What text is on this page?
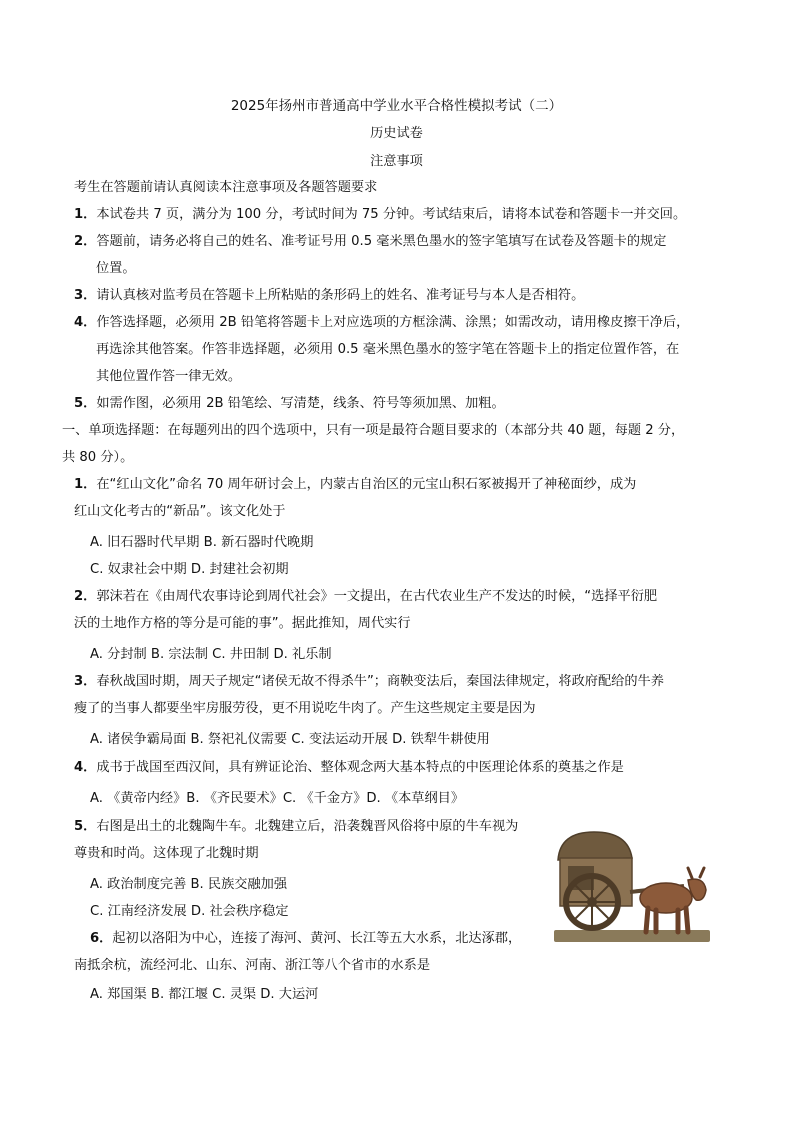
2025年扬州市普通高中学业水平合格性模拟考试（二）
历史试卷
注意事项
考生在答题前请认真阅读本注意事项及各题答题要求
1．本试卷共 7 页，满分为 100 分，考试时间为 75 分钟。考试结束后，请将本试卷和答题卡一并交回。
2．答题前，请务必将自己的姓名、准考证号用 0.5 毫米黑色墨水的签字笔填写在试卷及答题卡的规定
位置。
3．请认真核对监考员在答题卡上所粘贴的条形码上的姓名、准考证号与本人是否相符。
4．作答选择题，必须用 2B 铅笔将答题卡上对应选项的方框涂满、涂黑；如需改动，请用橡皮擦干净后，
再选涂其他答案。作答非选择题，必须用 0.5 毫米黑色墨水的签字笔在答题卡上的指定位置作答，在
其他位置作答一律无效。
5．如需作图，必须用 2B 铅笔绘、写清楚，线条、符号等须加黑、加粗。
一、单项选择题：在每题列出的四个选项中，只有一项是最符合题目要求的（本部分共 40 题，每题 2 分，
共 80 分）。
1．在“红山文化”命名 70 周年研讨会上，内蒙古自治区的元宝山积石冢被揭开了神秘面纱，成为
红山文化考古的“新品”。该文化处于
A. 旧石器时代早期 B. 新石器时代晚期
C. 奴隶社会中期 D. 封建社会初期
2．郭沫若在《由周代农事诗论到周代社会》一文提出，在古代农业生产不发达的时候，“选择平衍肥
沃的土地作方格的等分是可能的事”。据此推知，周代实行
A. 分封制 B. 宗法制 C. 井田制 D. 礼乐制
3．春秋战国时期，周天子规定“诸侯无故不得杀牛”；商鞅变法后，秦国法律规定，将政府配给的牛养
瘦了的当事人都要坐牢房服劳役，更不用说吃牛肉了。产生这些规定主要是因为
A. 诸侯争霸局面 B. 祭祀礼仪需要 C. 变法运动开展 D. 铁犁牛耕使用
4．成书于战国至西汉间，具有辨证论治、整体观念两大基本特点的中医理论体系的奠基之作是
A. 《黄帝内经》B. 《齐民要术》C. 《千金方》D. 《本草纲目》
5．右图是出土的北魏陶牛车。北魏建立后，沿袭魏晋风俗将中原的牛车视为
尊贵和时尚。这体现了北魏时期
A. 政治制度完善 B. 民族交融加强
C. 江南经济发展 D. 社会秩序稳定
6．起初以洛阳为中心，连接了海河、黄河、长江等五大水系，北达涿郡，
南抵余杭，流经河北、山东、河南、浙江等八个省市的水系是
A. 郑国渠 B. 都江堰 C. 灵渠 D. 大运河
